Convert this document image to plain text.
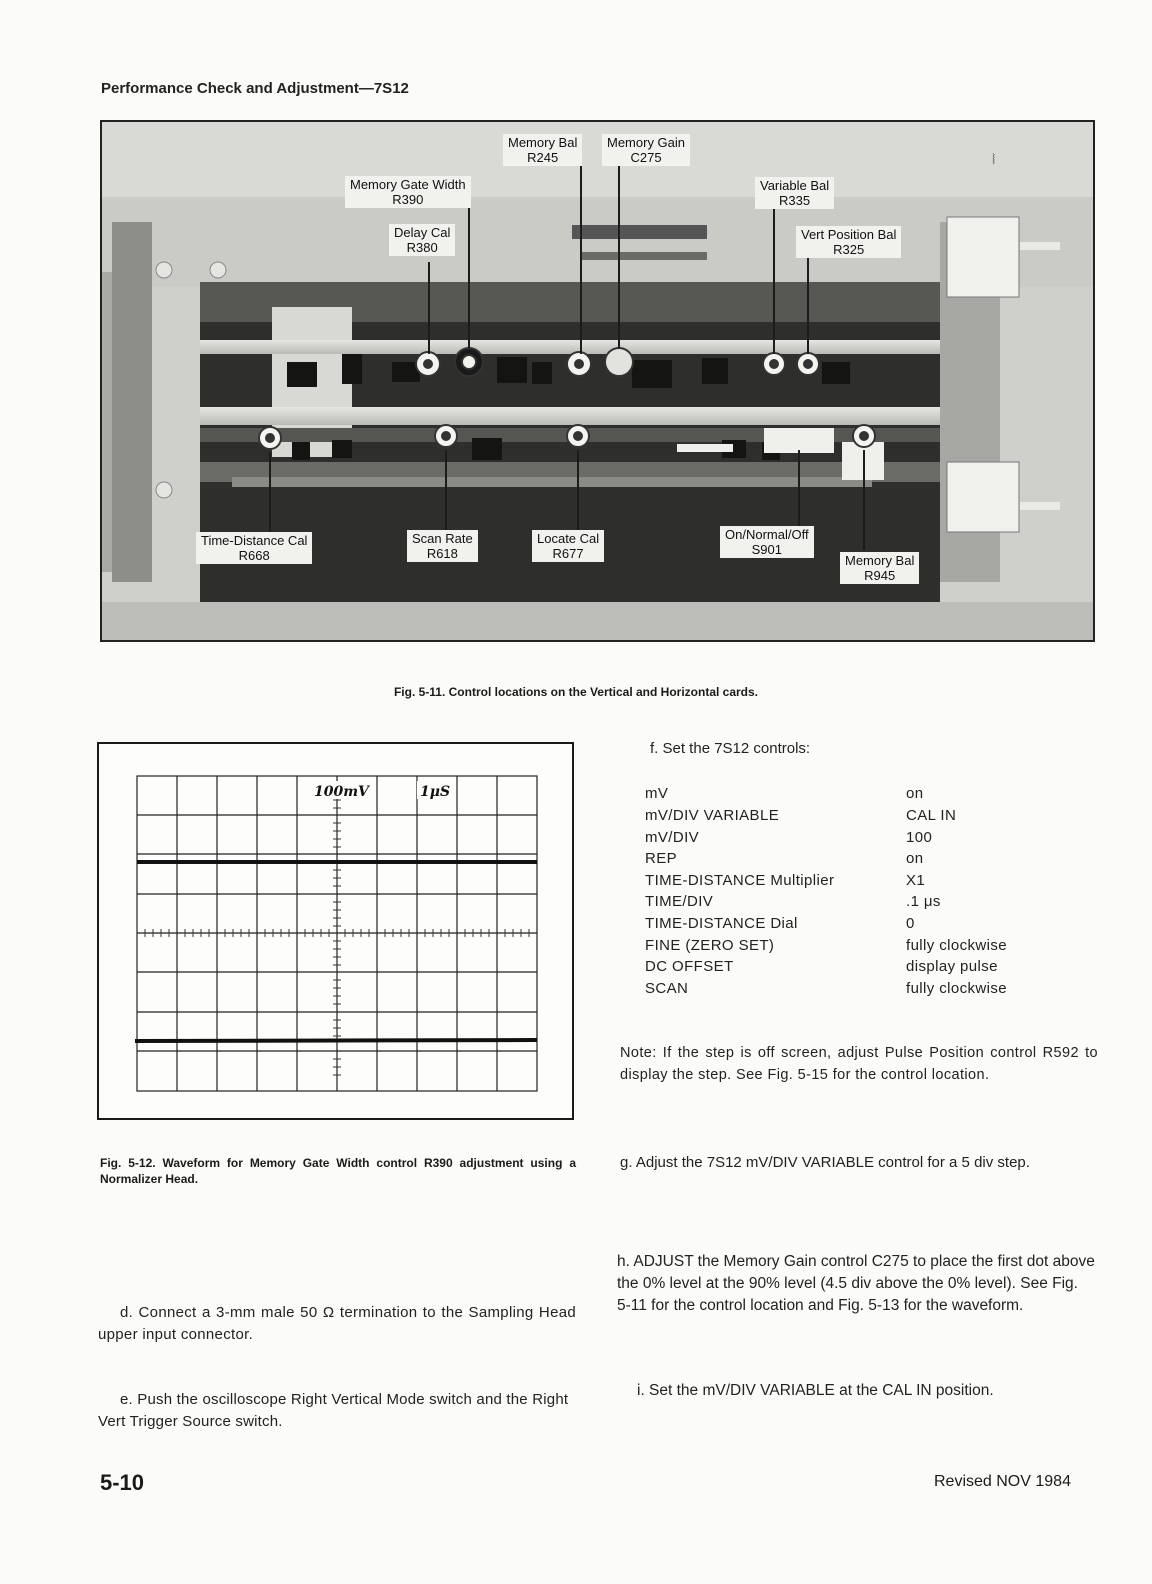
Performance Check and Adjustment—7S12
⧘
Memory Bal
R245
Memory Gain
C275
Memory Gate Width
R390
Delay Cal
R380
Variable Bal
R335
Vert Position Bal
R325
Time-Distance Cal
R668
Scan Rate
R618
Locate Cal
R677
On/Normal/Off
S901
Memory Bal
R945
Fig. 5-11. Control locations on the Vertical and Horizontal cards.
100mV	1μS
Fig. 5-12. Waveform for Memory Gate Width control R390 adjustment using a Normalizer Head.
f. Set the 7S12 controls:
mV	on
mV/DIV VARIABLE	CAL IN
mV/DIV	100
REP	on
TIME-DISTANCE Multiplier	X1
TIME/DIV	.1 μs
TIME-DISTANCE Dial	0
FINE (ZERO SET)	fully clockwise
DC OFFSET	display pulse
SCAN	fully clockwise
Note: If the step is off screen, adjust Pulse Position control R592 to display the step. See Fig. 5-15 for the control location.
g. Adjust the 7S12 mV/DIV VARIABLE control for a 5 div step.
h. ADJUST the Memory Gain control C275 to place the first dot above the 0% level at the 90% level (4.5 div above the 0% level). See Fig. 5-11 for the control location and Fig. 5-13 for the waveform.
d. Connect a 3-mm male 50 Ω termination to the Sampling Head upper input connector.
e. Push the oscilloscope Right Vertical Mode switch and the Right Vert Trigger Source switch.
i. Set the mV/DIV VARIABLE at the CAL IN position.
5-10	Revised NOV 1984
